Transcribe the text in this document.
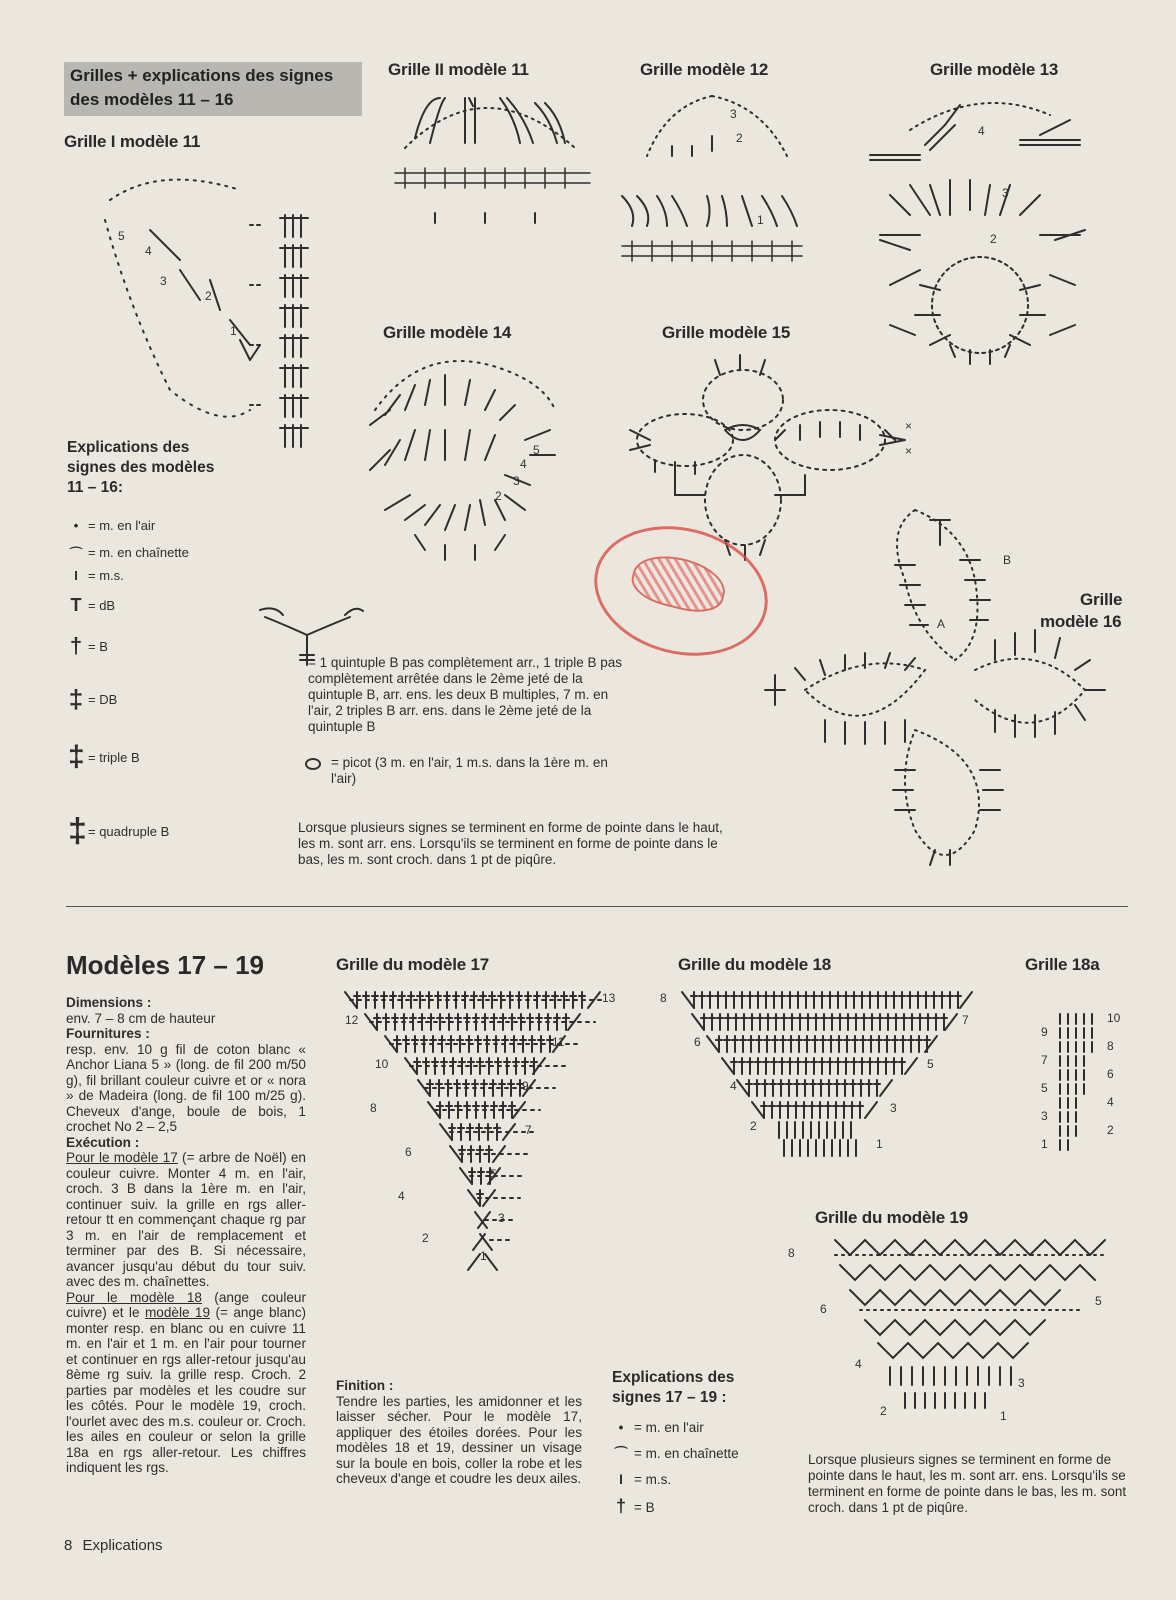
Grilles + explications des signes
des modèles 11 – 16
Grille I modèle 11
Grille II modèle 11	Grille modèle 12	Grille modèle 13
Grille modèle 14	Grille modèle 15
Grille
modèle 16
5
4
3
2
1
3
2
1
4
3
2
4
3
5
2
×
×
B
A
Explications des
signes des modèles
11 – 16:
• = m. en l'air
⌒ = m. en chaînette
I = m.s.
T = dB
† = B
‡ = DB
‡ = triple B
‡ = quadruple B
= 1 quintuple B pas complètement arr., 1 triple B pas complètement arrêtée dans le 2ème jeté de la quintuple B, arr. ens. les deux B multiples, 7 m. en l'air, 2 triples B arr. ens. dans le 2ème jeté de la quintuple B
= picot (3 m. en l'air, 1 m.s. dans la 1ère m. en l'air)
Lorsque plusieurs signes se terminent en forme de pointe dans le haut, les m. sont arr. ens. Lorsqu'ils se terminent en forme de pointe dans le bas, les m. sont croch. dans 1 pt de piqûre.
Modèles 17 – 19
Dimensions :
env. 7 – 8 cm de hauteur
Fournitures :
resp. env. 10 g fil de coton blanc « Anchor Liana 5 » (long. de fil 200 m/50 g), fil brillant couleur cuivre et or « nora » de Madeira (long. de fil 100 m/25 g). Cheveux d'ange, boule de bois, 1 crochet No 2 – 2,5
Exécution :
Pour le modèle 17 (= arbre de Noël) en couleur cuivre. Monter 4 m. en l'air, croch. 3 B dans la 1ère m. en l'air, continuer suiv. la grille en rgs aller-retour tt en commençant chaque rg par 3 m. en l'air de remplacement et terminer par des B. Si nécessaire, avancer jusqu'au début du tour suiv. avec des m. chaînettes.
Pour le modèle 18 (ange couleur cuivre) et le modèle 19 (= ange blanc) monter resp. en blanc ou en cuivre 11 m. en l'air et 1 m. en l'air pour tourner et continuer en rgs aller-retour jusqu'au 8ème rg suiv. la grille resp. Croch. 2 parties par modèles et les coudre sur les côtés. Pour le modèle 19, croch. l'ourlet avec des m.s. couleur or. Croch. les ailes en couleur or selon la grille 18a en rgs aller-retour. Les chiffres indiquent les rgs.
Finition :
Tendre les parties, les amidonner et les laisser sécher. Pour le modèle 17, appliquer des étoiles dorées. Pour les modèles 18 et 19, dessiner un visage sur la boule en bois, coller la robe et les cheveux d'ange et coudre les deux ailes.
Grille du modèle 17	Grille du modèle 18	Grille 18a
Grille du modèle 19
13
12
11
10
9
8
7
6
5
4
3
2
1
8
7
6
5
4
3
2
1
10
9
8
7
6
5
4
3
2
1
8
6
5
4
3
2	1
Explications des
signes 17 – 19 :
• = m. en l'air
⌒ = m. en chaînette
I = m.s.
† = B
Lorsque plusieurs signes se terminent en forme de pointe dans le haut, les m. sont arr. ens. Lorsqu'ils se terminent en forme de pointe dans le bas, les m. sont croch. dans 1 pt de piqûre.
8 Explications
